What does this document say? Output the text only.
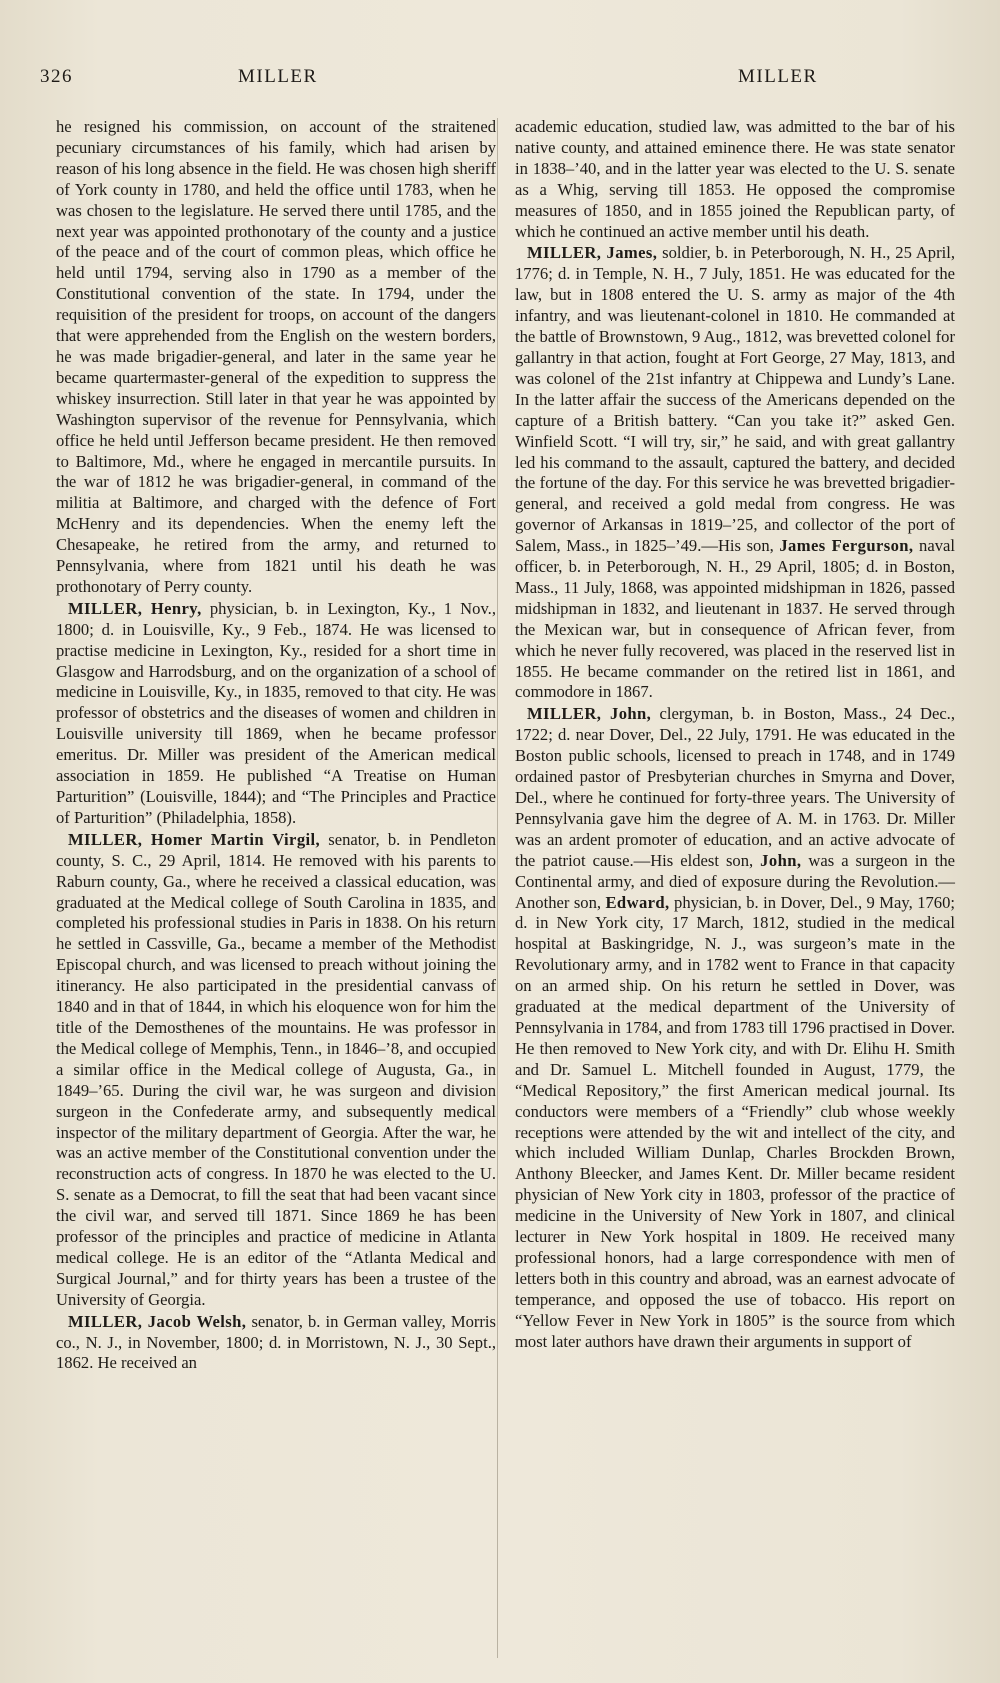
326	MILLER	MILLER

he resigned his commission, on account of the straitened pecuniary circumstances of his family, which had arisen by reason of his long absence in the field. He was chosen high sheriff of York county in 1780, and held the office until 1783, when he was chosen to the legislature. He served there until 1785, and the next year was appointed prothonotary of the county and a justice of the peace and of the court of common pleas, which office he held until 1794, serving also in 1790 as a member of the Constitutional convention of the state. In 1794, under the requisition of the president for troops, on account of the dangers that were apprehended from the English on the western borders, he was made brigadier-general, and later in the same year he became quartermaster-general of the expedition to suppress the whiskey insurrection. Still later in that year he was appointed by Washington supervisor of the revenue for Pennsylvania, which office he held until Jefferson became president. He then removed to Baltimore, Md., where he engaged in mercantile pursuits. In the war of 1812 he was brigadier-general, in command of the militia at Baltimore, and charged with the defence of Fort McHenry and its dependencies. When the enemy left the Chesapeake, he retired from the army, and returned to Pennsylvania, where from 1821 until his death he was prothonotary of Perry county.

MILLER, Henry, physician, b. in Lexington, Ky., 1 Nov., 1800; d. in Louisville, Ky., 9 Feb., 1874. He was licensed to practise medicine in Lexington, Ky., resided for a short time in Glasgow and Harrodsburg, and on the organization of a school of medicine in Louisville, Ky., in 1835, removed to that city. He was professor of obstetrics and the diseases of women and children in Louisville university till 1869, when he became professor emeritus. Dr. Miller was president of the American medical association in 1859. He published “A Treatise on Human Parturition” (Louisville, 1844); and “The Principles and Practice of Parturition” (Philadelphia, 1858).

MILLER, Homer Martin Virgil, senator, b. in Pendleton county, S. C., 29 April, 1814. He removed with his parents to Raburn county, Ga., where he received a classical education, was graduated at the Medical college of South Carolina in 1835, and completed his professional studies in Paris in 1838. On his return he settled in Cassville, Ga., became a member of the Methodist Episcopal church, and was licensed to preach without joining the itinerancy. He also participated in the presidential canvass of 1840 and in that of 1844, in which his eloquence won for him the title of the Demosthenes of the mountains. He was professor in the Medical college of Memphis, Tenn., in 1846–’8, and occupied a similar office in the Medical college of Augusta, Ga., in 1849–’65. During the civil war, he was surgeon and division surgeon in the Confederate army, and subsequently medical inspector of the military department of Georgia. After the war, he was an active member of the Constitutional convention under the reconstruction acts of congress. In 1870 he was elected to the U. S. senate as a Democrat, to fill the seat that had been vacant since the civil war, and served till 1871. Since 1869 he has been professor of the principles and practice of medicine in Atlanta medical college. He is an editor of the “Atlanta Medical and Surgical Journal,” and for thirty years has been a trustee of the University of Georgia.

MILLER, Jacob Welsh, senator, b. in German valley, Morris co., N. J., in November, 1800; d. in Morristown, N. J., 30 Sept., 1862. He received an

academic education, studied law, was admitted to the bar of his native county, and attained eminence there. He was state senator in 1838–’40, and in the latter year was elected to the U. S. senate as a Whig, serving till 1853. He opposed the compromise measures of 1850, and in 1855 joined the Republican party, of which he continued an active member until his death.

MILLER, James, soldier, b. in Peterborough, N. H., 25 April, 1776; d. in Temple, N. H., 7 July, 1851. He was educated for the law, but in 1808 entered the U. S. army as major of the 4th infantry, and was lieutenant-colonel in 1810. He commanded at the battle of Brownstown, 9 Aug., 1812, was brevetted colonel for gallantry in that action, fought at Fort George, 27 May, 1813, and was colonel of the 21st infantry at Chippewa and Lundy’s Lane. In the latter affair the success of the Americans depended on the capture of a British battery. “Can you take it?” asked Gen. Winfield Scott. “I will try, sir,” he said, and with great gallantry led his command to the assault, captured the battery, and decided the fortune of the day. For this service he was brevetted brigadier-general, and received a gold medal from congress. He was governor of Arkansas in 1819–’25, and collector of the port of Salem, Mass., in 1825–’49.—His son, James Fergurson, naval officer, b. in Peterborough, N. H., 29 April, 1805; d. in Boston, Mass., 11 July, 1868, was appointed midshipman in 1826, passed midshipman in 1832, and lieutenant in 1837. He served through the Mexican war, but in consequence of African fever, from which he never fully recovered, was placed in the reserved list in 1855. He became commander on the retired list in 1861, and commodore in 1867.

MILLER, John, clergyman, b. in Boston, Mass., 24 Dec., 1722; d. near Dover, Del., 22 July, 1791. He was educated in the Boston public schools, licensed to preach in 1748, and in 1749 ordained pastor of Presbyterian churches in Smyrna and Dover, Del., where he continued for forty-three years. The University of Pennsylvania gave him the degree of A. M. in 1763. Dr. Miller was an ardent promoter of education, and an active advocate of the patriot cause.—His eldest son, John, was a surgeon in the Continental army, and died of exposure during the Revolution.—Another son, Edward, physician, b. in Dover, Del., 9 May, 1760; d. in New York city, 17 March, 1812, studied in the medical hospital at Baskingridge, N. J., was surgeon’s mate in the Revolutionary army, and in 1782 went to France in that capacity on an armed ship. On his return he settled in Dover, was graduated at the medical department of the University of Pennsylvania in 1784, and from 1783 till 1796 practised in Dover. He then removed to New York city, and with Dr. Elihu H. Smith and Dr. Samuel L. Mitchell founded in August, 1779, the “Medical Repository,” the first American medical journal. Its conductors were members of a “Friendly” club whose weekly receptions were attended by the wit and intellect of the city, and which included William Dunlap, Charles Brockden Brown, Anthony Bleecker, and James Kent. Dr. Miller became resident physician of New York city in 1803, professor of the practice of medicine in the University of New York in 1807, and clinical lecturer in New York hospital in 1809. He received many professional honors, had a large correspondence with men of letters both in this country and abroad, was an earnest advocate of temperance, and opposed the use of tobacco. His report on “Yellow Fever in New York in 1805” is the source from which most later authors have drawn their arguments in support of
